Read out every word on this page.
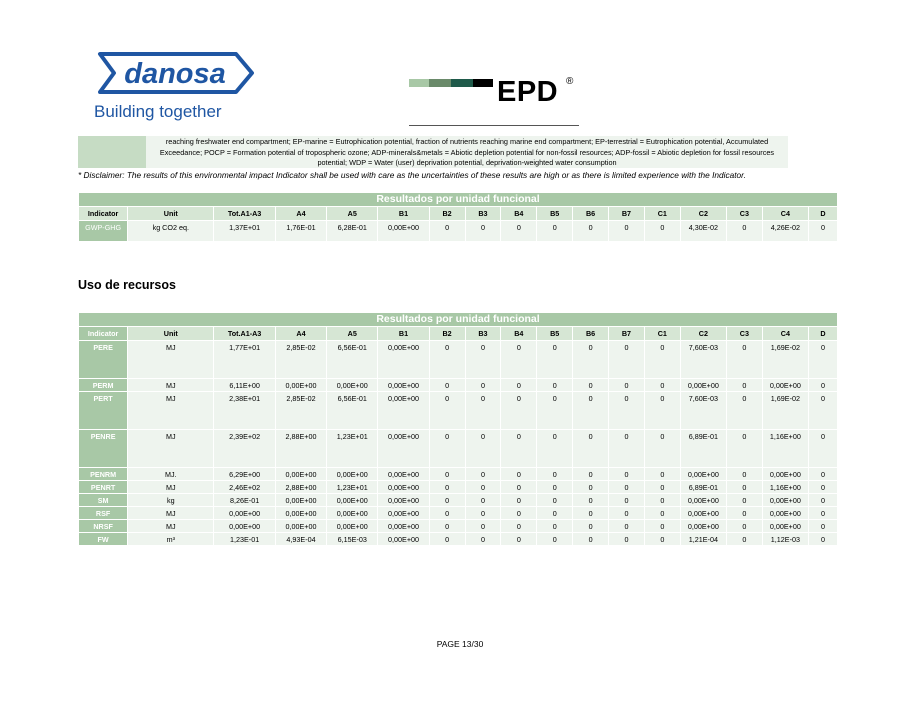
danosa
Building together
EPD ®
reaching freshwater end compartment; EP-marine = Eutrophication potential, fraction of nutrients reaching marine end compartment; EP-terrestrial = Eutrophication potential, Accumulated Exceedance; POCP = Formation potential of tropospheric ozone; ADP-minerals&metals = Abiotic depletion potential for non-fossil resources; ADP-fossil = Abiotic depletion for fossil resources potential; WDP = Water (user) deprivation potential, deprivation-weighted water consumption
* Disclaimer: The results of this environmental impact Indicator shall be used with care as the uncertainties of these results are high or as there is limited experience with the Indicator.
Resultados por unidad funcional																
Indicator	Unit	Tot.A1-A3	A4	A5	B1	B2	B3	B4	B5	B6	B7	C1	C2	C3	C4	D
GWP-GHG	kg CO2 eq.	1,37E+01	1,76E-01	6,28E-01	0,00E+00	0	0	0	0	0	0	0	4,30E-02	0	4,26E-02	0
Uso de recursos
Resultados por unidad funcional																
Indicator	Unit	Tot.A1-A3	A4	A5	B1	B2	B3	B4	B5	B6	B7	C1	C2	C3	C4	D
PERE	MJ	1,77E+01	2,85E-02	6,56E-01	0,00E+00	0	0	0	0	0	0	0	7,60E-03	0	1,69E-02	0
PERM	MJ	6,11E+00	0,00E+00	0,00E+00	0,00E+00	0	0	0	0	0	0	0	0,00E+00	0	0,00E+00	0
PERT	MJ	2,38E+01	2,85E-02	6,56E-01	0,00E+00	0	0	0	0	0	0	0	7,60E-03	0	1,69E-02	0
PENRE	MJ	2,39E+02	2,88E+00	1,23E+01	0,00E+00	0	0	0	0	0	0	0	6,89E-01	0	1,16E+00	0
PENRM	MJ.	6,29E+00	0,00E+00	0,00E+00	0,00E+00	0	0	0	0	0	0	0	0,00E+00	0	0,00E+00	0
PENRT	MJ	2,46E+02	2,88E+00	1,23E+01	0,00E+00	0	0	0	0	0	0	0	6,89E-01	0	1,16E+00	0
SM	kg	8,26E-01	0,00E+00	0,00E+00	0,00E+00	0	0	0	0	0	0	0	0,00E+00	0	0,00E+00	0
RSF	MJ	0,00E+00	0,00E+00	0,00E+00	0,00E+00	0	0	0	0	0	0	0	0,00E+00	0	0,00E+00	0
NRSF	MJ	0,00E+00	0,00E+00	0,00E+00	0,00E+00	0	0	0	0	0	0	0	0,00E+00	0	0,00E+00	0
FW	m³	1,23E-01	4,93E-04	6,15E-03	0,00E+00	0	0	0	0	0	0	0	1,21E-04	0	1,12E-03	0
PAGE 13/30
